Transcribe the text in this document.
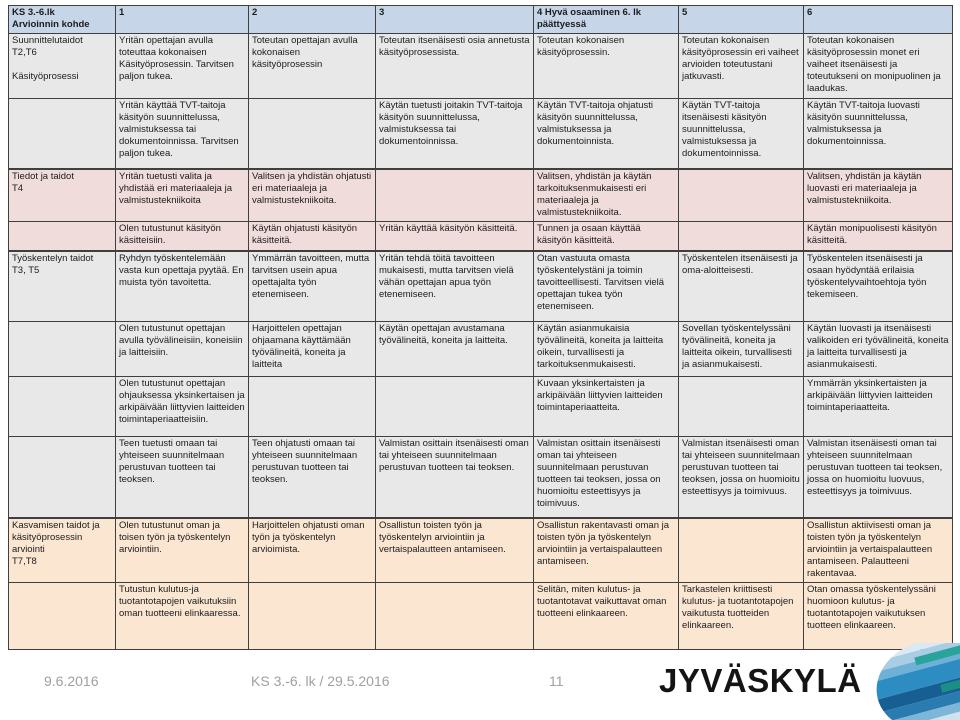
KS 3.-6.lk
Arvioinnin kohde	1	2	3	4 Hyvä osaaminen 6. lk
päättyessä	5	6
Suunnittelutaidot
T2,T6

Käsityöprosessi	Yritän opettajan avulla toteuttaa kokonaisen Käsityöprosessin. Tarvitsen paljon tukea.	Toteutan opettajan avulla kokonaisen käsityöprosessin	Toteutan itsenäisesti osia annetusta käsityöprosessista.	Toteutan kokonaisen käsityöprosessin.	Toteutan kokonaisen käsityöprosessin eri vaiheet arvioiden toteutustani jatkuvasti.	Toteutan kokonaisen käsityöprosessin monet eri vaiheet itsenäisesti ja toteutukseni on monipuolinen ja laadukas.
	Yritän käyttää TVT-taitoja käsityön suunnittelussa, valmistuksessa tai dokumentoinnissa. Tarvitsen paljon tukea.		Käytän tuetusti joitakin TVT-taitoja käsityön suunnittelussa, valmistuksessa tai dokumentoinnissa.	Käytän TVT-taitoja ohjatusti käsityön suunnittelussa, valmistuksessa ja dokumentoinnista.	Käytän TVT-taitoja itsenäisesti käsityön suunnittelussa, valmistuksessa ja dokumentoinnissa.	Käytän TVT-taitoja luovasti käsityön suunnittelussa, valmistuksessa ja dokumentoinnissa.
Tiedot ja taidot
T4	Yritän tuetusti valita ja yhdistää eri materiaaleja ja valmistustekniikoita	Valitsen ja yhdistän ohjatusti eri materiaaleja ja valmistustekniikoita.		Valitsen, yhdistän ja käytän tarkoituksenmukaisesti eri materiaaleja ja valmistustekniikoita.		Valitsen, yhdistän ja käytän luovasti eri materiaaleja ja valmistustekniikoita.
	Olen tutustunut käsityön käsitteisiin.	Käytän ohjatusti käsityön käsitteitä.	Yritän käyttää käsityön käsitteitä.	Tunnen ja osaan käyttää käsityön käsitteitä.		Käytän monipuolisesti käsityön käsitteitä.
Työskentelyn taidot
T3, T5	Ryhdyn työskentelemään vasta kun opettaja pyytää. En muista työn tavoitetta.	Ymmärrän tavoitteen, mutta tarvitsen usein apua opettajalta työn etenemiseen.	Yritän tehdä töitä tavoitteen mukaisesti, mutta tarvitsen vielä vähän opettajan apua työn etenemiseen.	Otan vastuuta omasta työskentelystäni ja toimin tavoitteellisesti. Tarvitsen vielä opettajan tukea työn etenemiseen.	Työskentelen itsenäisesti ja oma-aloitteisesti.	Työskentelen itsenäisesti ja osaan hyödyntää erilaisia työskentelyvaihtoehtoja työn tekemiseen.
	Olen tutustunut opettajan avulla työvälineisiin, koneisiin ja laitteisiin.	Harjoittelen opettajan ohjaamana käyttämään työvälineitä, koneita ja laitteita	Käytän opettajan avustamana työvälineitä, koneita ja laitteita.	Käytän asianmukaisia työvälineitä, koneita ja laitteita oikein, turvallisesti ja tarkoituksenmukaisesti.	Sovellan työskentelyssäni työvälineitä, koneita ja laitteita oikein, turvallisesti ja asianmukaisesti.	Käytän luovasti ja itsenäisesti valikoiden eri työvälineitä, koneita ja laitteita turvallisesti ja asianmukaisesti.
	Olen tutustunut opettajan ohjauksessa yksinkertaisen ja arkipäivään liittyvien laitteiden toimintaperiaatteisiin.			Kuvaan yksinkertaisten ja arkipäivään liittyvien laitteiden toimintaperiaatteita.		Ymmärrän yksinkertaisten ja arkipäivään liittyvien laitteiden toimintaperiaatteita.
	Teen tuetusti omaan tai yhteiseen suunnitelmaan perustuvan tuotteen tai teoksen.	Teen ohjatusti omaan tai yhteiseen suunnitelmaan perustuvan tuotteen tai teoksen.	Valmistan osittain itsenäisesti oman tai yhteiseen suunnitelmaan perustuvan tuotteen tai teoksen.	Valmistan osittain itsenäisesti oman tai yhteiseen suunnitelmaan perustuvan tuotteen tai teoksen, jossa on huomioitu esteettisyys ja toimivuus.	Valmistan itsenäisesti oman tai yhteiseen suunnitelmaan perustuvan tuotteen tai teoksen, jossa on huomioitu esteettisyys ja toimivuus.	Valmistan itsenäisesti oman tai yhteiseen suunnitelmaan perustuvan tuotteen tai teoksen, jossa on huomioitu luovuus, esteettisyys ja toimivuus.
Kasvamisen taidot ja
käsityöprosessin
arviointi
T7,T8	Olen tutustunut oman ja toisen työn ja työskentelyn arviointiin.	Harjoittelen ohjatusti oman työn ja työskentelyn arvioimista.	Osallistun toisten työn ja työskentelyn arviointiin ja vertaispalautteen antamiseen.	Osallistun rakentavasti oman ja toisten työn ja työskentelyn arviointiin ja vertaispalautteen antamiseen.		Osallistun aktiivisesti oman ja toisten työn ja työskentelyn arviointiin ja vertaispalautteen antamiseen. Palautteeni rakentavaa.
	Tutustun kulutus-ja tuotantotapojen vaikutuksiin oman tuotteeni elinkaaressa.			Selitän, miten kulutus- ja tuotantotavat vaikuttavat oman tuotteeni elinkaareen.	Tarkastelen kriittisesti kulutus- ja tuotantotapojen vaikutusta tuotteiden elinkaareen.	Otan omassa työskentelyssäni huomioon kulutus- ja tuotantotapojen vaikutuksen tuotteen elinkaareen.
9.6.2016	KS 3.-6. lk / 29.5.2016	11	JYVÄSKYLÄ
